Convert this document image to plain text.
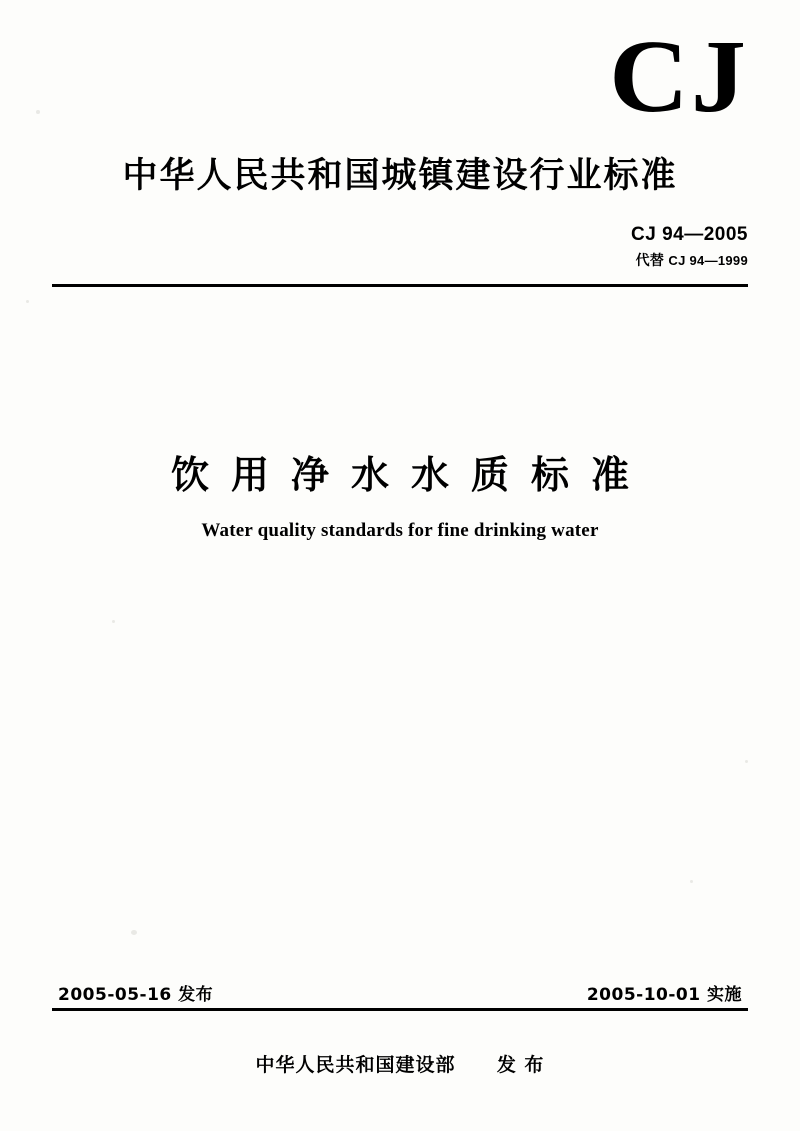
CJ
中华人民共和国城镇建设行业标准
CJ 94—2005
代替 CJ 94—1999
饮用净水水质标准
Water quality standards for fine drinking water
2005-05-16 发布	2005-10-01 实施
中华人民共和国建设部 发 布
